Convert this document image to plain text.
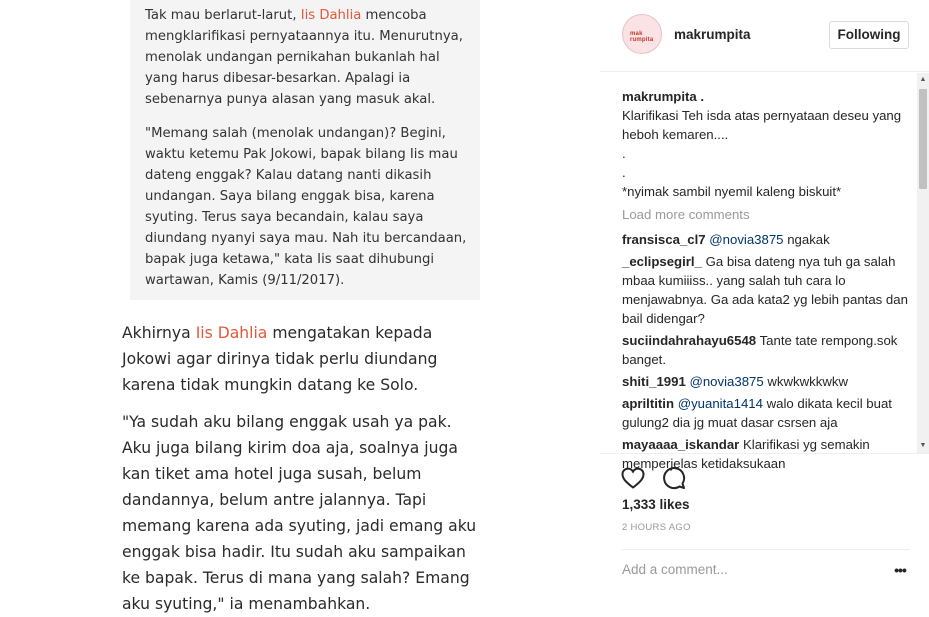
Tak mau berlarut-larut, Iis Dahlia mencoba mengklarifikasi pernyataannya itu. Menurutnya, menolak undangan pernikahan bukanlah hal yang harus dibesar-besarkan. Apalagi ia sebenarnya punya alasan yang masuk akal.

"Memang salah (menolak undangan)? Begini, waktu ketemu Pak Jokowi, bapak bilang Iis mau dateng enggak? Kalau datang nanti dikasih undangan. Saya bilang enggak bisa, karena syuting. Terus saya becandain, kalau saya diundang nyanyi saya mau. Nah itu bercandaan, bapak juga ketawa," kata Iis saat dihubungi wartawan, Kamis (9/11/2017).

Akhirnya Iis Dahlia mengatakan kepada Jokowi agar dirinya tidak perlu diundang karena tidak mungkin datang ke Solo.

"Ya sudah aku bilang enggak usah ya pak. Aku juga bilang kirim doa aja, soalnya juga kan tiket ama hotel juga susah, belum dandannya, belum antre jalannya. Tapi memang karena ada syuting, jadi emang aku enggak bisa hadir. Itu sudah aku sampaikan ke bapak. Terus di mana yang salah? Emang aku syuting," ia menambahkan.

mak rumpita	makrumpita	Following
makrumpita .
Klarifikasi Teh isda atas pernyataan deseu yang heboh kemaren....
.
.
*nyimak sambil nyemil kaleng biskuit*
Load more comments
fransisca_cl7 @novia3875 ngakak
_eclipsegirl_ Ga bisa dateng nya tuh ga salah mbaa kumiiiss.. yang salah tuh cara lo menjawabnya. Ga ada kata2 yg lebih pantas dan bail didengar?
suciindahrahayu6548 Tante tate rempong.sok banget.
shiti_1991 @novia3875 wkwkwkkwkw
apriltitin @yuanita1414 walo dikata kecil buat gulung2 dia jg muat dasar csrsen aja
mayaaaa_iskandar Klarifikasi yg semakin memperjelas ketidaksukaan
▲
▼
1,333 likes
2 HOURS AGO
Add a comment...
•••
